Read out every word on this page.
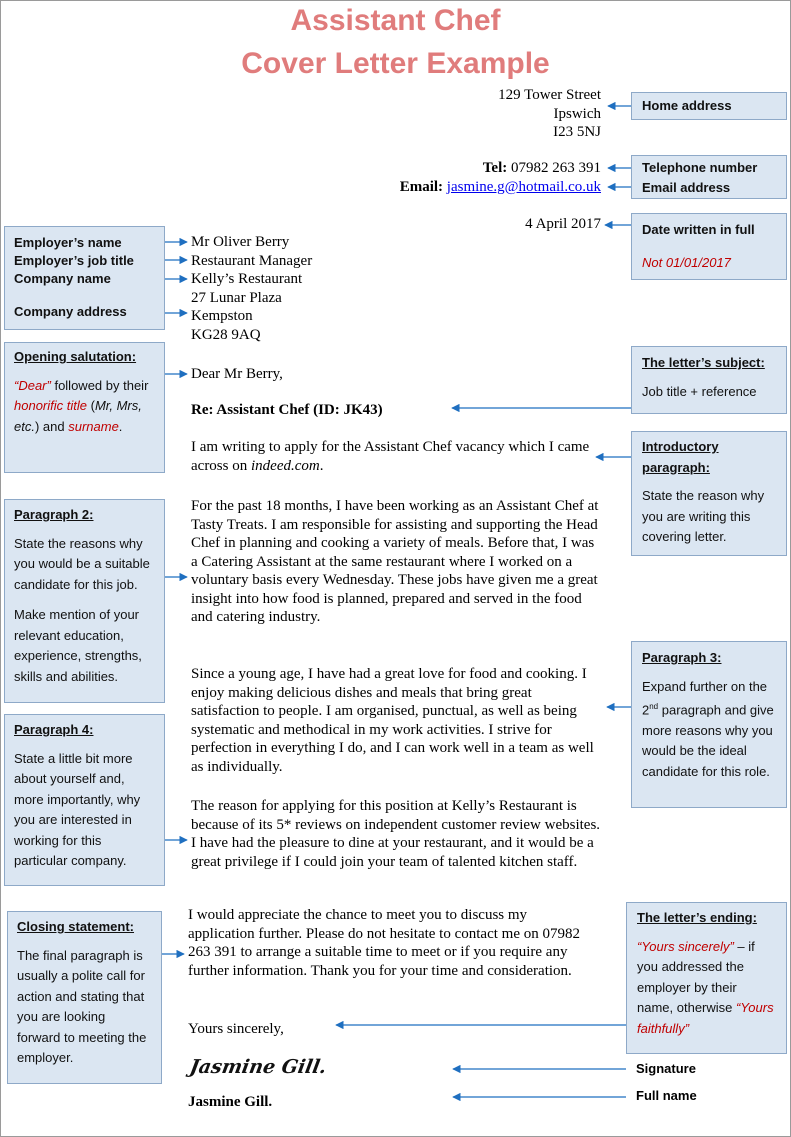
Assistant Chef
Cover Letter Example
129 Tower Street
Ipswich
I23 5NJ
Tel: 07982 263 391
Email: jasmine.g@hotmail.co.uk
4 April 2017
Mr Oliver Berry
Restaurant Manager
Kelly’s Restaurant
27 Lunar Plaza
Kempston
KG28 9AQ
Dear Mr Berry,
Re: Assistant Chef (ID: JK43)
I am writing to apply for the Assistant Chef vacancy which I came across on indeed.com.
For the past 18 months, I have been working as an Assistant Chef at Tasty Treats. I am responsible for assisting and supporting the Head Chef in planning and cooking a variety of meals. Before that, I was a Catering Assistant at the same restaurant where I worked on a voluntary basis every Wednesday. These jobs have given me a great insight into how food is planned, prepared and served in the food and catering industry.
Since a young age, I have had a great love for food and cooking. I enjoy making delicious dishes and meals that bring great satisfaction to people. I am organised, punctual, as well as being systematic and methodical in my work activities. I strive for perfection in everything I do, and I can work well in a team as well as individually.
The reason for applying for this position at Kelly’s Restaurant is because of its 5* reviews on independent customer review websites. I have had the pleasure to dine at your restaurant, and it would be a great privilege if I could join your team of talented kitchen staff.
I would appreciate the chance to meet you to discuss my application further. Please do not hesitate to contact me on 07982 263 391 to arrange a suitable time to meet or if you require any further information. Thank you for your time and consideration.
Yours sincerely,
Jasmine Gill.
Jasmine Gill.
Home address
Telephone number
Email address
Date written in full
Not 01/01/2017
The letter’s subject:

Job title + reference

Introductory paragraph:

State the reason why you are writing this covering letter.

Paragraph 3:

Expand further on the 2nd paragraph and give more reasons why you would be the ideal candidate for this role.

The letter’s ending:

“Yours sincerely” – if you addressed the employer by their name, otherwise “Yours faithfully”

Signature
Full name
Employer’s name
Employer’s job title
Company name
Company address
Opening salutation:

“Dear” followed by their honorific title (Mr, Mrs, etc.) and surname.

Paragraph 2:

State the reasons why you would be a suitable candidate for this job.

Make mention of your relevant education, experience, strengths, skills and abilities.

Paragraph 4:

State a little bit more about yourself and, more importantly, why you are interested in working for this particular company.

Closing statement:

The final paragraph is usually a polite call for action and stating that you are looking forward to meeting the employer.
